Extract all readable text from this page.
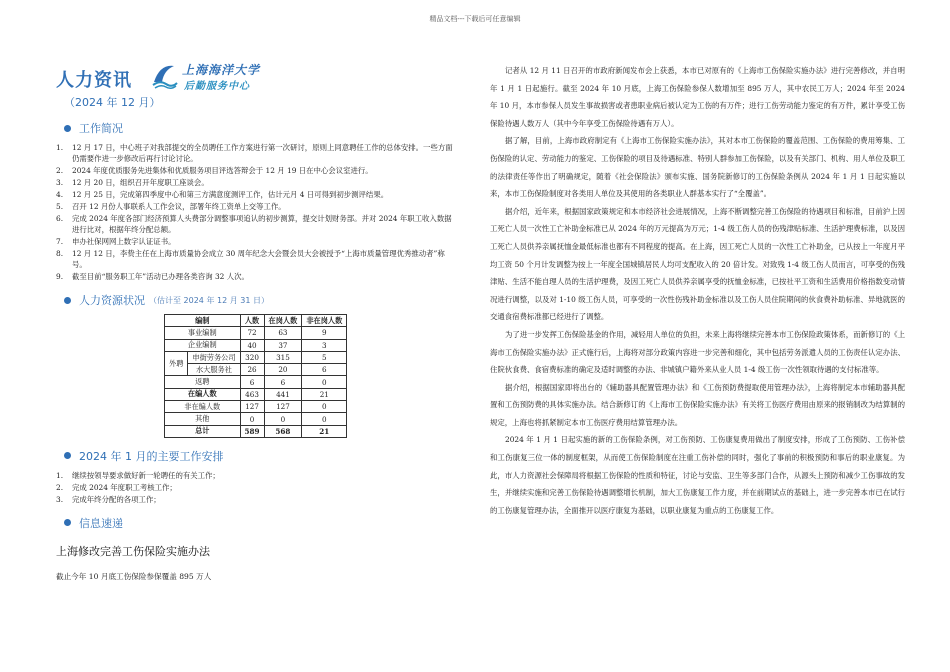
精品文档---下载后可任意编辑
人力资讯	上海海洋大学
后勤服务中心
（2024 年 12 月）
工作简况
1.	12 月 17 日，中心班子对我部提交的全员聘任工作方案进行第一次研讨，原则上同意聘任工作的总体安排。一些方面仍需要作进一步修改后再行讨论讨论。
2.	2024 年度优质服务先进集体和优质服务项目评选答辩会于 12 月 19 日在中心会议室进行。
3.	12 月 20 日，组织召开年度职工座谈会。
4.	12 月 25 日，完成第四季度中心和第三方满意度测评工作，估计元月 4 日可得到初步测评结果。
5.	召开 12 月份人事联系人工作会议，部署年终工资单上交等工作。
6.	完成 2024 年度各部门经济预算人头费部分调整事项追认的初步测算，提交计划财务部。并对 2024 年职工收入数据进行比对，根据年终分配总额。
7.	申办社保网网上数字认证证书。
8.	12 月 12 日，李贽主任在上海市质量协会成立 30 周年纪念大会暨会员大会被授予“上海市质量管理优秀推动者”称号。
9.	截至目前“服务职工年”活动已办理各类咨询 32 人次。
人力资源状况 （估计至 2024 年 12 月 31 日）
编制		人数	在岗人数	非在岗人数
事业编制		72	63	9
企业编制		40	37	3
外聘	申街劳务公司	320	315	5
	水大服务社	26	20	6
返聘		6	6	0
在编人数		463	441	21
非在编人数		127	127	0
其他		0	0	0
总计		589	568	21
2024 年 1 月的主要工作安排
1.	继续按领导要求做好新一轮聘任的有关工作；
2.	完成 2024 年度职工考核工作；
3.	完成年终分配的各项工作；
信息速递
上海修改完善工伤保险实施办法
截止今年 10 月底工伤保险参保覆盖 895 万人

记者从 12 月 11 日召开的市政府新闻发布会上获悉，本市已对原有的《上海市工伤保险实施办法》进行完善修改，并自明年 1 月 1 日起施行。截至 2024 年 10 月底，上海工伤保险参保人数增加至 895 万人，其中农民工万人；2024 年至 2024 年 10 月，本市参保人员发生事故损害或者患职业病后被认定为工伤的有万件；进行工伤劳动能力鉴定的有万件，累计享受工伤保险待遇人数万人（其中今年享受工伤保险待遇有万人）。

据了解，目前，上海市政府制定有《上海市工伤保险实施办法》，其对本市工伤保险的覆盖范围、工伤保险的费用筹集、工伤保险的认定、劳动能力的鉴定、工伤保险的项目及待遇标准、特别人群参加工伤保险，以及有关部门、机构、用人单位及职工的法律责任等作出了明确规定，随着《社会保险法》颁布实施、国务院新修订的工伤保险条例从 2024 年 1 月 1 日起实施以来，本市工伤保险制度对各类用人单位及其使用的各类职业人群基本实行了“全覆盖”。

据介绍，近年来，根据国家政策规定和本市经济社会进展情况，上海不断调整完善工伤保险的待遇项目和标准，目前沪上因工死亡人员一次性工亡补助金标准已从 2024 年的万元提高为万元；1-4 级工伤人员的伤残津贴标准、生活护理费标准，以及因工死亡人员供养亲属抚恤金最低标准也都有不同程度的提高。在上海，因工死亡人员的一次性工亡补助金，已从按上一年度月平均工资 50 个月计发调整为按上一年度全国城镇居民人均可支配收入的 20 倍计发。对致残 1-4 级工伤人员而言，可享受的伤残津贴、生活不能自理人员的生活护理费，及因工死亡人员供养亲属享受的抚恤金标准，已按社平工资和生活费用价格指数变动情况进行调整，以及对 1-10 级工伤人员，可享受的一次性伤残补助金标准以及工伤人员住院期间的伙食费补助标准、异地就医的交通食宿费标准都已经进行了调整。

为了进一步发挥工伤保险基金的作用，减轻用人单位的负担，未来上海将继续完善本市工伤保险政策体系，而新修订的《上海市工伤保险实施办法》正式施行后，上海将对部分政策内容进一步完善和细化，其中包括劳务派遣人员的工伤责任认定办法、住院伙食费、食宿费标准的确定及适时调整的办法、非城镇户籍外来从业人员 1-4 级工伤一次性领取待遇的支付标准等。

据介绍，根据国家即将出台的《辅助器具配置管理办法》和《工伤预防费提取使用管理办法》，上海将制定本市辅助器具配置和工伤预防费的具体实施办法。结合新修订的《上海市工伤保险实施办法》有关将工伤医疗费用由原来的报销制改为结算制的规定，上海也将抓紧制定本市工伤医疗费用结算管理办法。

2024 年 1 月 1 日起实施的新的工伤保险条例，对工伤预防、工伤康复费用做出了制度安排，形成了工伤预防、工伤补偿和工伤康复三位一体的制度框架，从而使工伤保险制度在注重工伤补偿的同时，强化了事前的积极预防和事后的职业康复。为此，市人力资源社会保障局将根据工伤保险的性质和特征，讨论与安监、卫生等多部门合作，从源头上预防和减少工伤事故的发生，并继续实施和完善工伤保险待遇调整增长机制，加大工伤康复工作力度，并在前期试点的基础上，进一步完善本市已在试行的工伤康复管理办法，全面推开以医疗康复为基础，以职业康复为重点的工伤康复工作。
